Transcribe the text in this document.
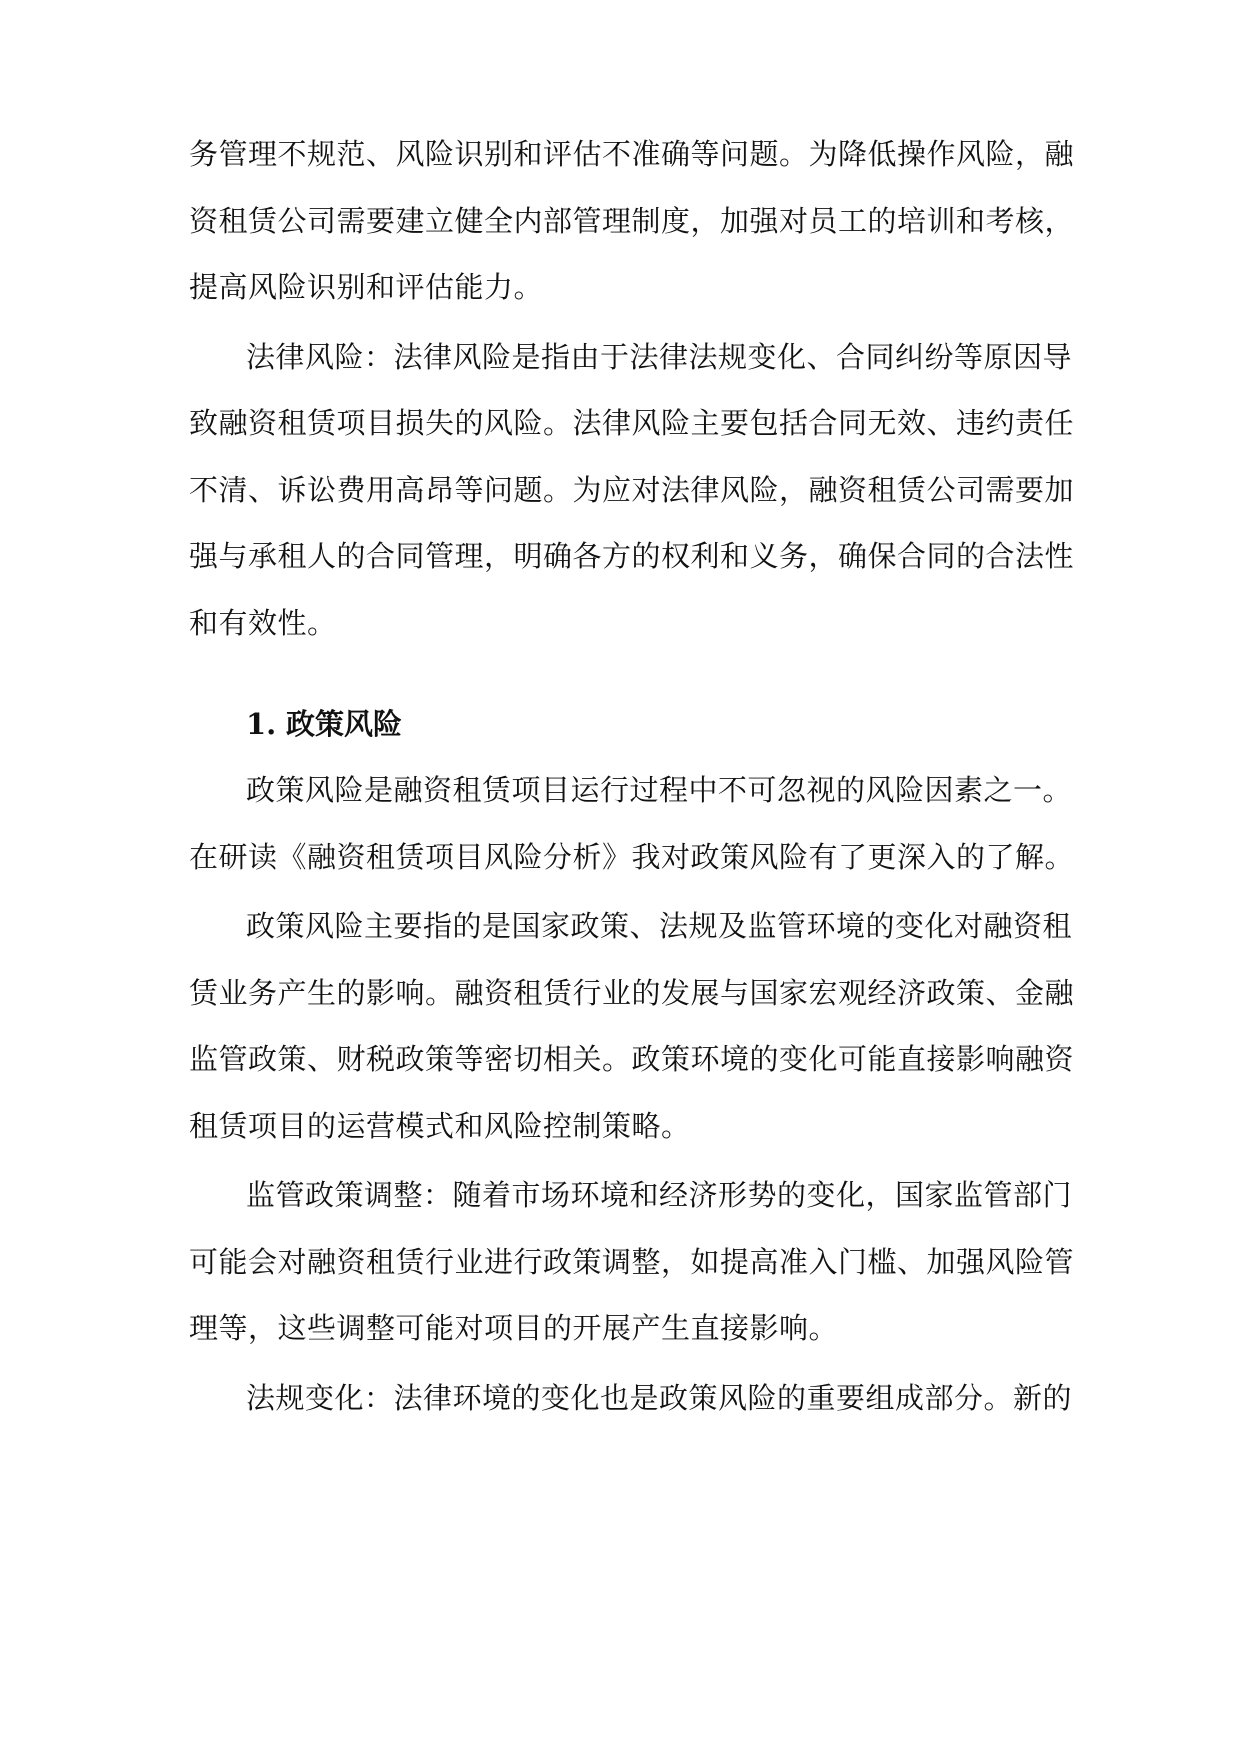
务管理不规范、风险识别和评估不准确等问题。为降低操作风险，融
资租赁公司需要建立健全内部管理制度，加强对员工的培训和考核，
提高风险识别和评估能力。
法律风险：法律风险是指由于法律法规变化、合同纠纷等原因导
致融资租赁项目损失的风险。法律风险主要包括合同无效、违约责任
不清、诉讼费用高昂等问题。为应对法律风险，融资租赁公司需要加
强与承租人的合同管理，明确各方的权利和义务，确保合同的合法性
和有效性。
1. 政策风险
政策风险是融资租赁项目运行过程中不可忽视的风险因素之一。
在研读《融资租赁项目风险分析》我对政策风险有了更深入的了解。
政策风险主要指的是国家政策、法规及监管环境的变化对融资租
赁业务产生的影响。融资租赁行业的发展与国家宏观经济政策、金融
监管政策、财税政策等密切相关。政策环境的变化可能直接影响融资
租赁项目的运营模式和风险控制策略。
监管政策调整：随着市场环境和经济形势的变化，国家监管部门
可能会对融资租赁行业进行政策调整，如提高准入门槛、加强风险管
理等，这些调整可能对项目的开展产生直接影响。
法规变化：法律环境的变化也是政策风险的重要组成部分。新的
